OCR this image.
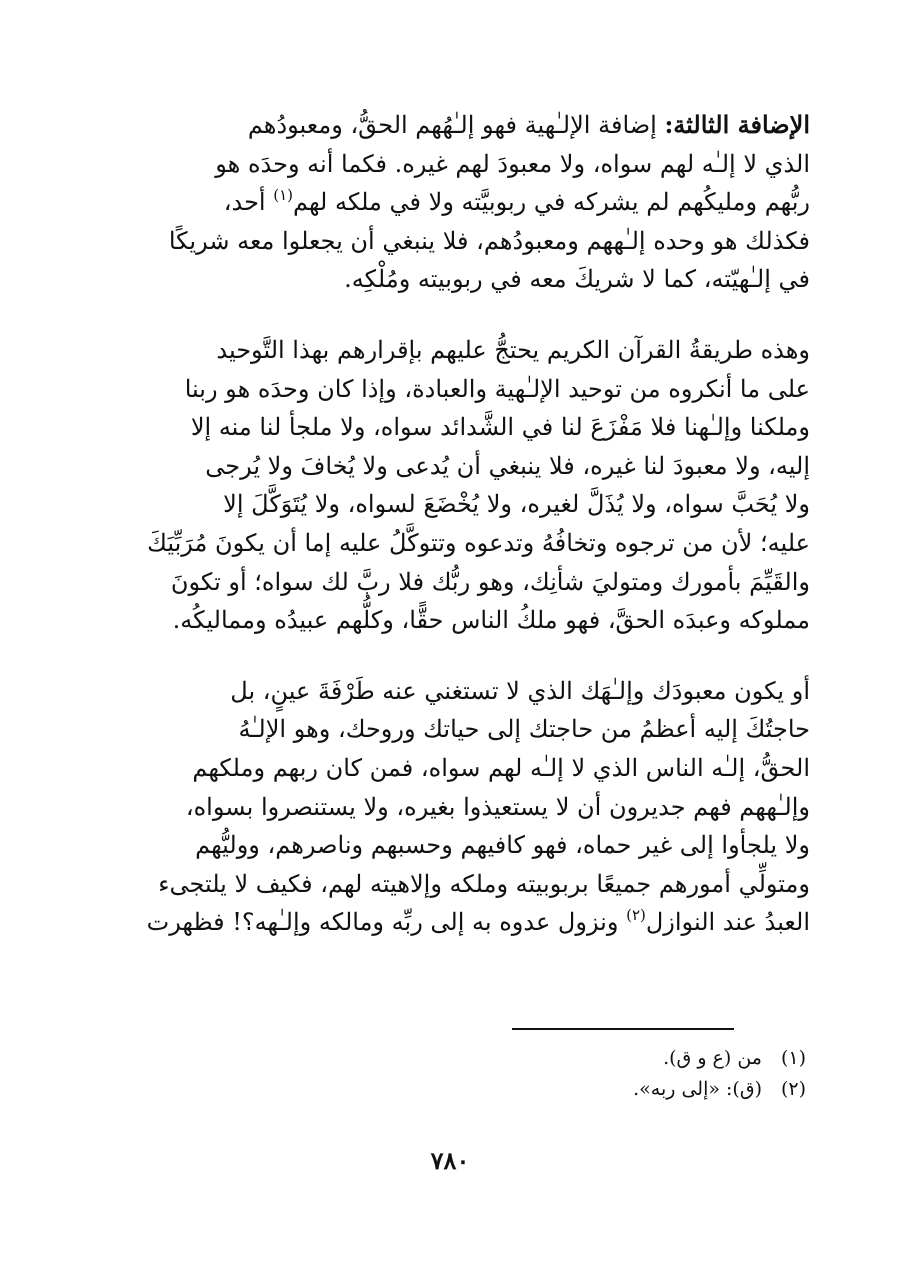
الإضافة الثالثة: إضافة الإلـٰهية فهو إلـٰهُهم الحقُّ، ومعبودُهم
الذي لا إلـٰه لهم سواه، ولا معبودَ لهم غيره. فكما أنه وحدَه هو
ربُّهم ومليكُهم لم يشركه في ربوبيَّته ولا في ملكه لهم$^{(١)}$ أحد،
فكذلك هو وحده إلـٰههم ومعبودُهم، فلا ينبغي أن يجعلوا معه شريكًا
في إلـٰهيّته، كما لا شريكَ معه في ربوبيته ومُلْكِه.

وهذه طريقةُ القرآن الكريم يحتجُّ عليهم بإقرارهم بهذا التَّوحيد
على ما أنكروه من توحيد الإلـٰهية والعبادة، وإذا كان وحدَه هو ربنا
وملكنا وإلـٰهنا فلا مَفْزَعَ لنا في الشَّدائد سواه، ولا ملجأ لنا منه إلا
إليه، ولا معبودَ لنا غيره، فلا ينبغي أن يُدعى ولا يُخافَ ولا يُرجى
ولا يُحَبَّ سواه، ولا يُذَلَّ لغيره، ولا يُخْضَعَ لسواه، ولا يُتَوَكَّلَ إلا
عليه؛ لأن من ترجوه وتخافُهُ وتدعوه وتتوكَّلُ عليه إما أن يكونَ مُرَبِّيَكَ
والقَيِّمَ بأمورك ومتوليَ شأنِك، وهو ربُّك فلا ربَّ لك سواه؛ أو تكونَ
مملوكه وعبدَه الحقَّ، فهو ملكُ الناس حقًّا، وكلُّهم عبيدُه ومماليكُه.

أو يكون معبودَك وإلـٰهَك الذي لا تستغني عنه طَرْفَةَ عينٍ، بل
حاجتُكَ إليه أعظمُ من حاجتك إلى حياتك وروحك، وهو الإلـٰهُ
الحقُّ، إلـٰه الناس الذي لا إلـٰه لهم سواه، فمن كان ربهم وملكهم
وإلـٰههم فهم جديرون أن لا يستعيذوا بغيره، ولا يستنصروا بسواه،
ولا يلجأوا إلى غير حماه، فهو كافيهم وحسبهم وناصرهم، ووليُّهم
ومتولِّي أمورهم جميعًا بربوبيته وملكه وإلاهيته لهم، فكيف لا يلتجىء
العبدُ عند النوازل$^{(٢)}$ ونزول عدوه به إلى ربِّه ومالكه وإلـٰهه؟! فظهرت

(١)من (ع و ق).
(٢)(ق): «إلى ربه».
٧٨٠
